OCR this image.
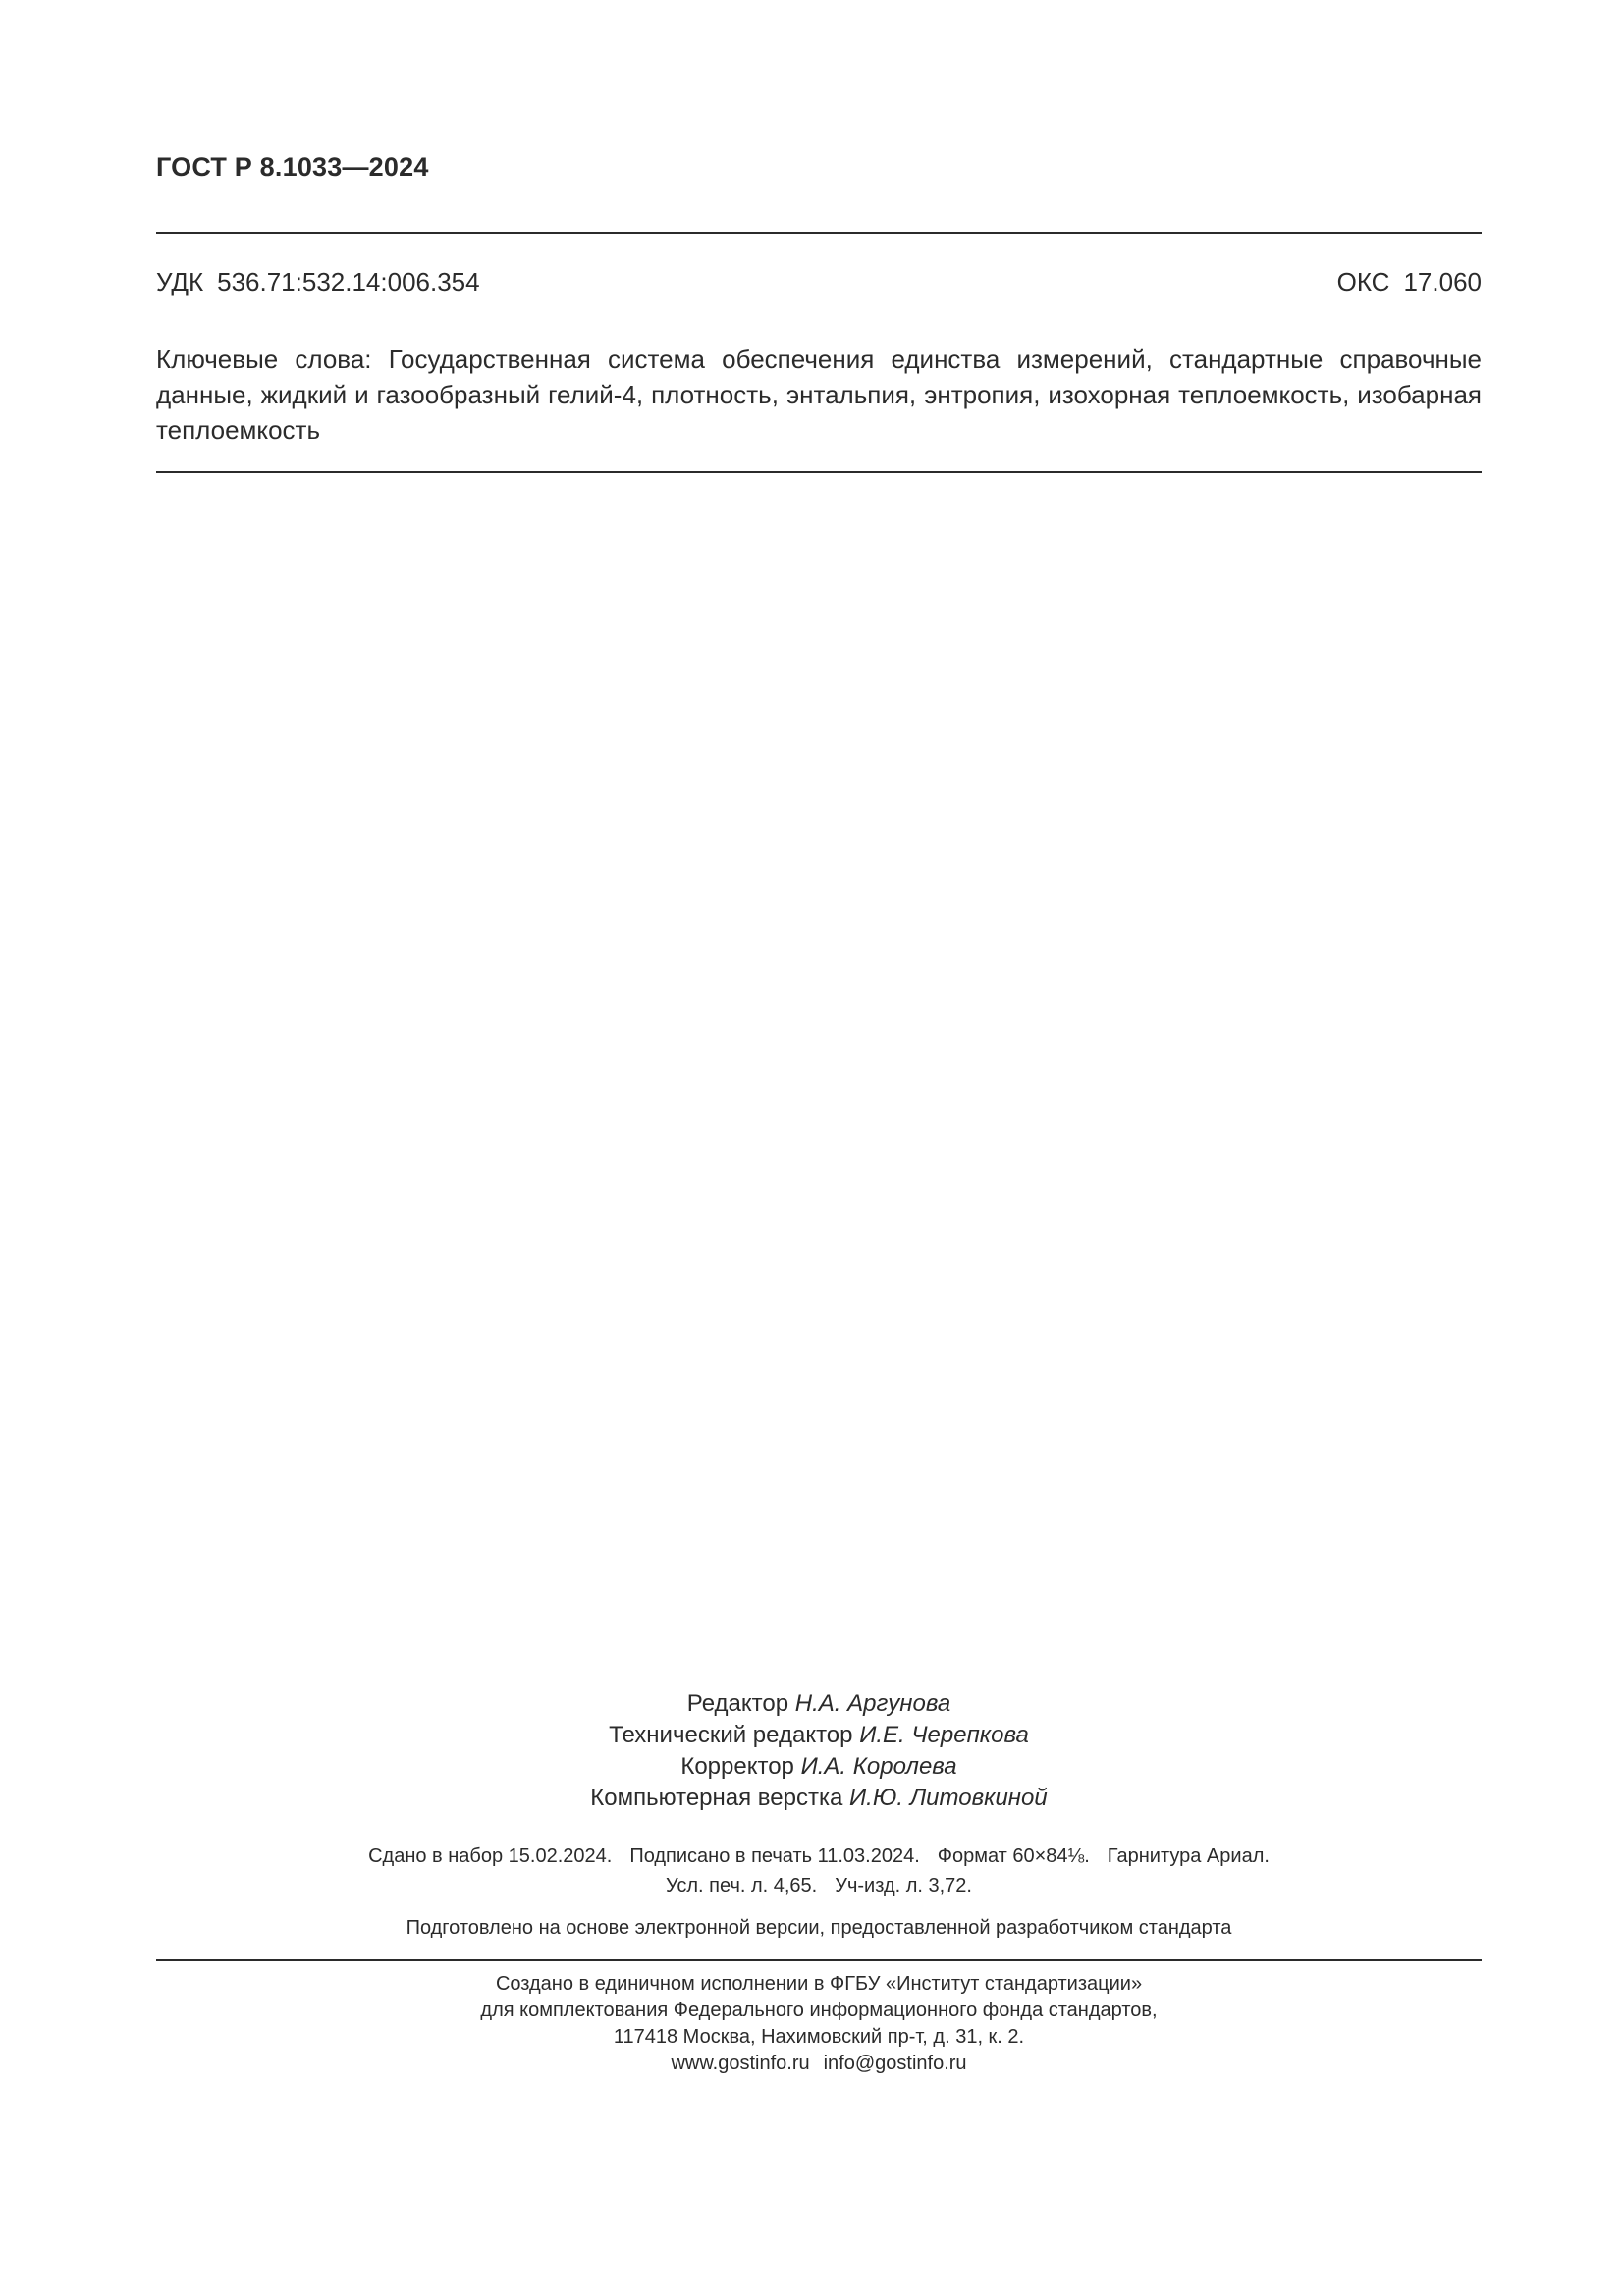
ГОСТ Р 8.1033—2024
УДК 536.71:532.14:006.354	ОКС 17.060
Ключевые слова: Государственная система обеспечения единства измерений, стандартные справочные данные, жидкий и газообразный гелий-4, плотность, энтальпия, энтропия, изохорная теплоемкость, изобарная теплоемкость
Редактор Н.А. Аргунова
Технический редактор И.Е. Черепкова
Корректор И.А. Королева
Компьютерная верстка И.Ю. Литовкиной
Сдано в набор 15.02.2024. Подписано в печать 11.03.2024. Формат 60×84⅛. Гарнитура Ариал.
Усл. печ. л. 4,65. Уч-изд. л. 3,72.
Подготовлено на основе электронной версии, предоставленной разработчиком стандарта
Создано в единичном исполнении в ФГБУ «Институт стандартизации»
для комплектования Федерального информационного фонда стандартов,
117418 Москва, Нахимовский пр-т, д. 31, к. 2.
www.gostinfo.ru info@gostinfo.ru
